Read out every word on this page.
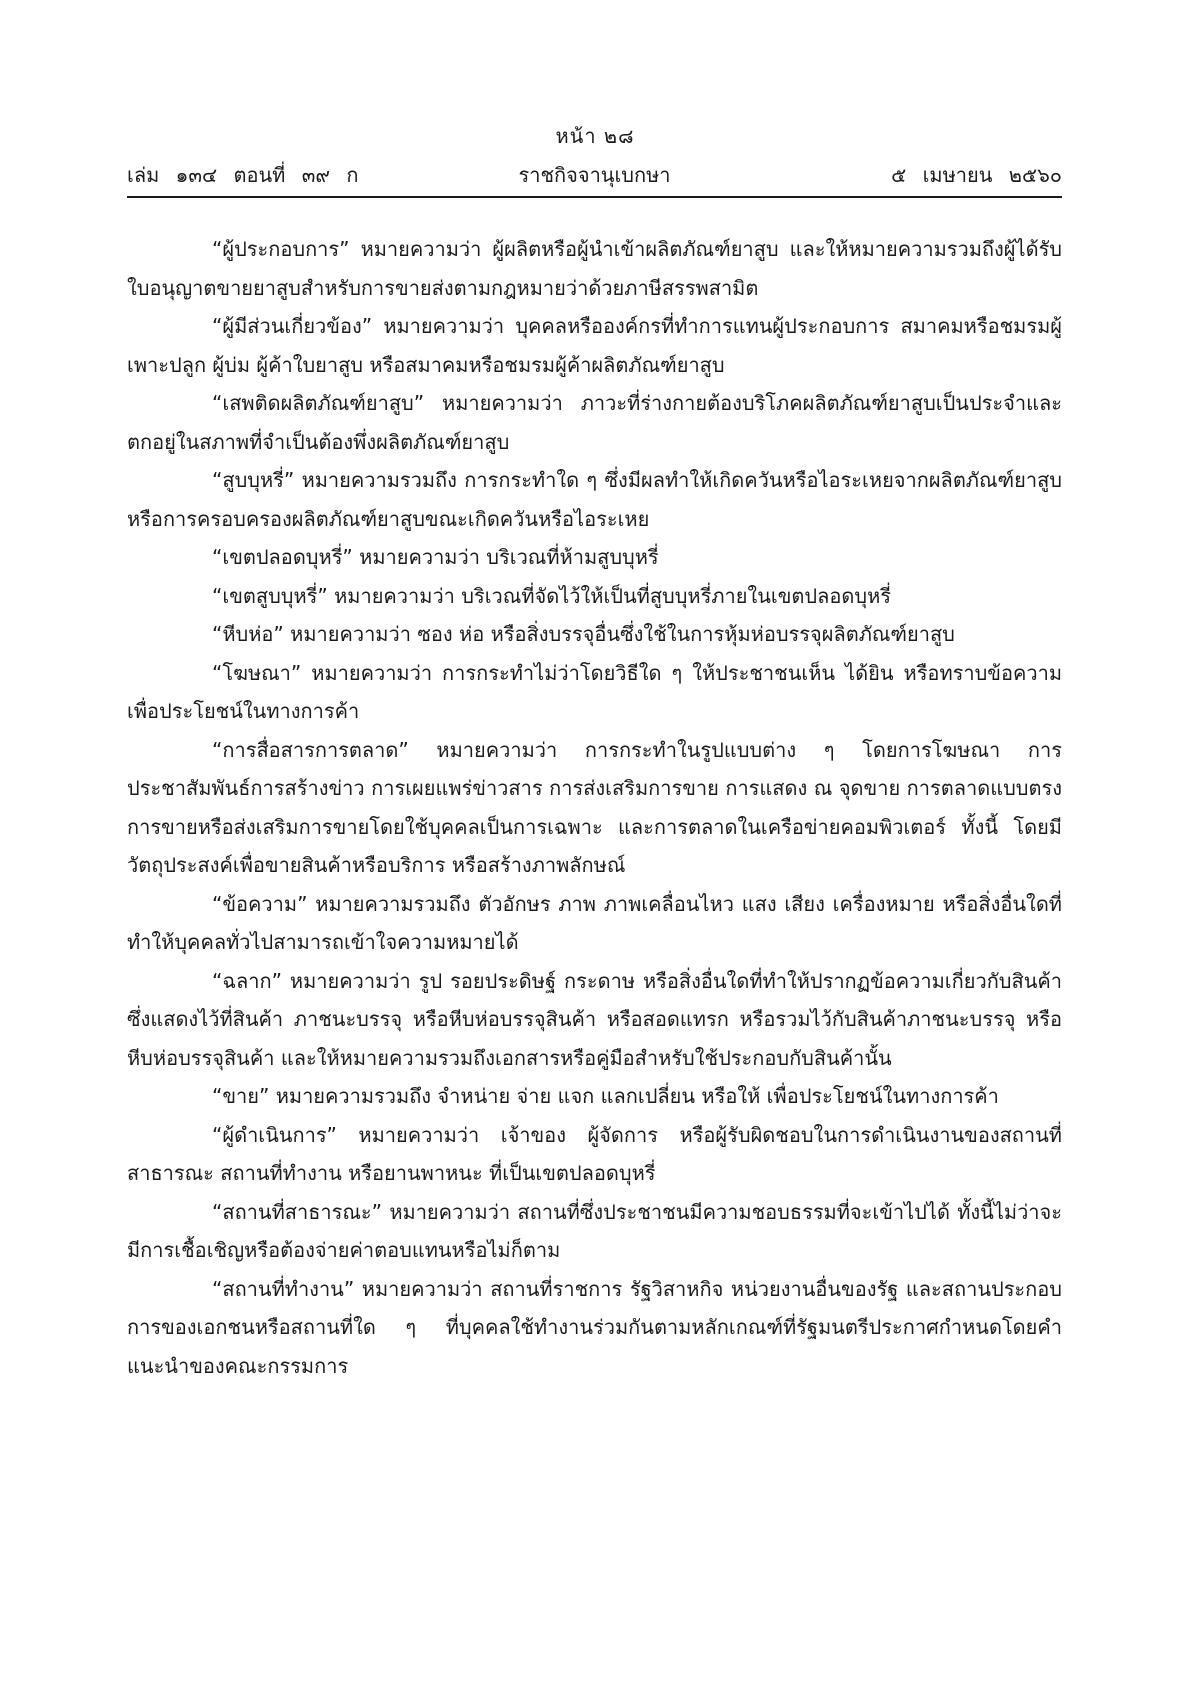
หน้า ๒๘
เล่ม ๑๓๔ ตอนที่ ๓๙ ก	ราชกิจจานุเบกษา	๕ เมษายน ๒๕๖๐

“ผู้ประกอบการ” หมายความว่า ผู้ผลิตหรือผู้นำเข้าผลิตภัณฑ์ยาสูบ และให้หมายความรวมถึงผู้ได้รับใบอนุญาตขายยาสูบสำหรับการขายส่งตามกฎหมายว่าด้วยภาษีสรรพสามิต

“ผู้มีส่วนเกี่ยวข้อง” หมายความว่า บุคคลหรือองค์กรที่ทำการแทนผู้ประกอบการ สมาคมหรือชมรมผู้เพาะปลูก ผู้บ่ม ผู้ค้าใบยาสูบ หรือสมาคมหรือชมรมผู้ค้าผลิตภัณฑ์ยาสูบ

“เสพติดผลิตภัณฑ์ยาสูบ” หมายความว่า ภาวะที่ร่างกายต้องบริโภคผลิตภัณฑ์ยาสูบเป็นประจำและตกอยู่ในสภาพที่จำเป็นต้องพึ่งผลิตภัณฑ์ยาสูบ

“สูบบุหรี่” หมายความรวมถึง การกระทำใด ๆ ซึ่งมีผลทำให้เกิดควันหรือไอระเหยจากผลิตภัณฑ์ยาสูบหรือการครอบครองผลิตภัณฑ์ยาสูบขณะเกิดควันหรือไอระเหย

“เขตปลอดบุหรี่” หมายความว่า บริเวณที่ห้ามสูบบุหรี่

“เขตสูบบุหรี่” หมายความว่า บริเวณที่จัดไว้ให้เป็นที่สูบบุหรี่ภายในเขตปลอดบุหรี่

“หีบห่อ” หมายความว่า ซอง ห่อ หรือสิ่งบรรจุอื่นซึ่งใช้ในการหุ้มห่อบรรจุผลิตภัณฑ์ยาสูบ

“โฆษณา” หมายความว่า การกระทำไม่ว่าโดยวิธีใด ๆ ให้ประชาชนเห็น ได้ยิน หรือทราบข้อความเพื่อประโยชน์ในทางการค้า

“การสื่อสารการตลาด” หมายความว่า การกระทำในรูปแบบต่าง ๆ โดยการโฆษณา การประชาสัมพันธ์การสร้างข่าว การเผยแพร่ข่าวสาร การส่งเสริมการขาย การแสดง ณ จุดขาย การตลาดแบบตรง การขายหรือส่งเสริมการขายโดยใช้บุคคลเป็นการเฉพาะ และการตลาดในเครือข่ายคอมพิวเตอร์ ทั้งนี้ โดยมีวัตถุประสงค์เพื่อขายสินค้าหรือบริการ หรือสร้างภาพลักษณ์

“ข้อความ” หมายความรวมถึง ตัวอักษร ภาพ ภาพเคลื่อนไหว แสง เสียง เครื่องหมาย หรือสิ่งอื่นใดที่ทำให้บุคคลทั่วไปสามารถเข้าใจความหมายได้

“ฉลาก” หมายความว่า รูป รอยประดิษฐ์ กระดาษ หรือสิ่งอื่นใดที่ทำให้ปรากฏข้อความเกี่ยวกับสินค้าซึ่งแสดงไว้ที่สินค้า ภาชนะบรรจุ หรือหีบห่อบรรจุสินค้า หรือสอดแทรก หรือรวมไว้กับสินค้าภาชนะบรรจุ หรือหีบห่อบรรจุสินค้า และให้หมายความรวมถึงเอกสารหรือคู่มือสำหรับใช้ประกอบกับสินค้านั้น

“ขาย” หมายความรวมถึง จำหน่าย จ่าย แจก แลกเปลี่ยน หรือให้ เพื่อประโยชน์ในทางการค้า

“ผู้ดำเนินการ” หมายความว่า เจ้าของ ผู้จัดการ หรือผู้รับผิดชอบในการดำเนินงานของสถานที่สาธารณะ สถานที่ทำงาน หรือยานพาหนะ ที่เป็นเขตปลอดบุหรี่

“สถานที่สาธารณะ” หมายความว่า สถานที่ซึ่งประชาชนมีความชอบธรรมที่จะเข้าไปได้ ทั้งนี้ไม่ว่าจะมีการเชื้อเชิญหรือต้องจ่ายค่าตอบแทนหรือไม่ก็ตาม

“สถานที่ทำงาน” หมายความว่า สถานที่ราชการ รัฐวิสาหกิจ หน่วยงานอื่นของรัฐ และสถานประกอบการของเอกชนหรือสถานที่ใด ๆ ที่บุคคลใช้ทำงานร่วมกันตามหลักเกณฑ์ที่รัฐมนตรีประกาศกำหนดโดยคำแนะนำของคณะกรรมการ
